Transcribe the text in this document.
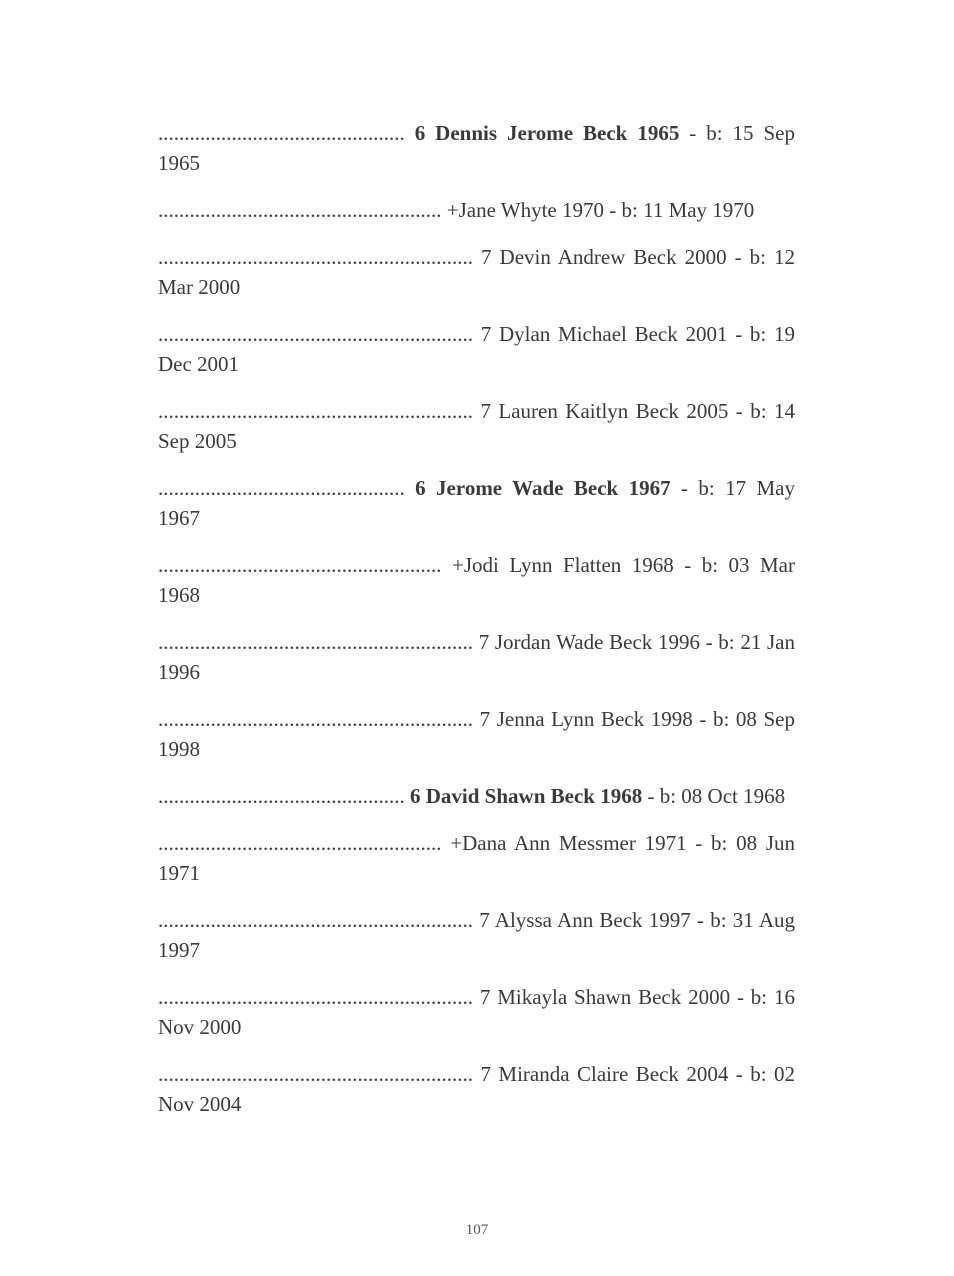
............................................... 6 Dennis Jerome Beck 1965 - b: 15 Sep 1965

...................................................... +Jane Whyte 1970 - b: 11 May 1970

............................................................ 7 Devin Andrew Beck 2000 - b: 12 Mar 2000

............................................................ 7 Dylan Michael Beck 2001 - b: 19 Dec 2001

............................................................ 7 Lauren Kaitlyn Beck 2005 - b: 14 Sep 2005

............................................... 6 Jerome Wade Beck 1967 - b: 17 May 1967

...................................................... +Jodi Lynn Flatten 1968 - b: 03 Mar 1968

............................................................ 7 Jordan Wade Beck 1996 - b: 21 Jan 1996

............................................................ 7 Jenna Lynn Beck 1998 - b: 08 Sep 1998

............................................... 6 David Shawn Beck 1968 - b: 08 Oct 1968

...................................................... +Dana Ann Messmer 1971 - b: 08 Jun 1971

............................................................ 7 Alyssa Ann Beck 1997 - b: 31 Aug 1997

............................................................ 7 Mikayla Shawn Beck 2000 - b: 16 Nov 2000

............................................................ 7 Miranda Claire Beck 2004 - b: 02 Nov 2004

107
